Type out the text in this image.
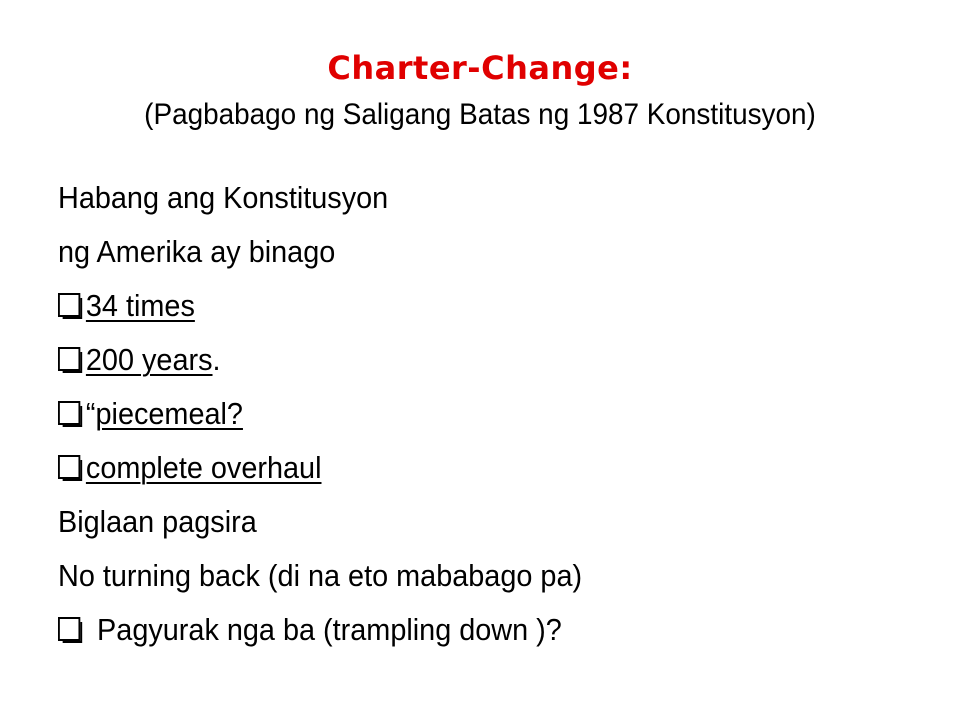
Charter-Change:
(Pagbabago ng Saligang Batas ng 1987 Konstitusyon)
Habang ang Konstitusyon
ng Amerika ay binago
34 times
200 years.
“piecemeal?
complete overhaul
Biglaan pagsira
No turning back (di na eto mababago pa)
Pagyurak nga ba (trampling down )?
